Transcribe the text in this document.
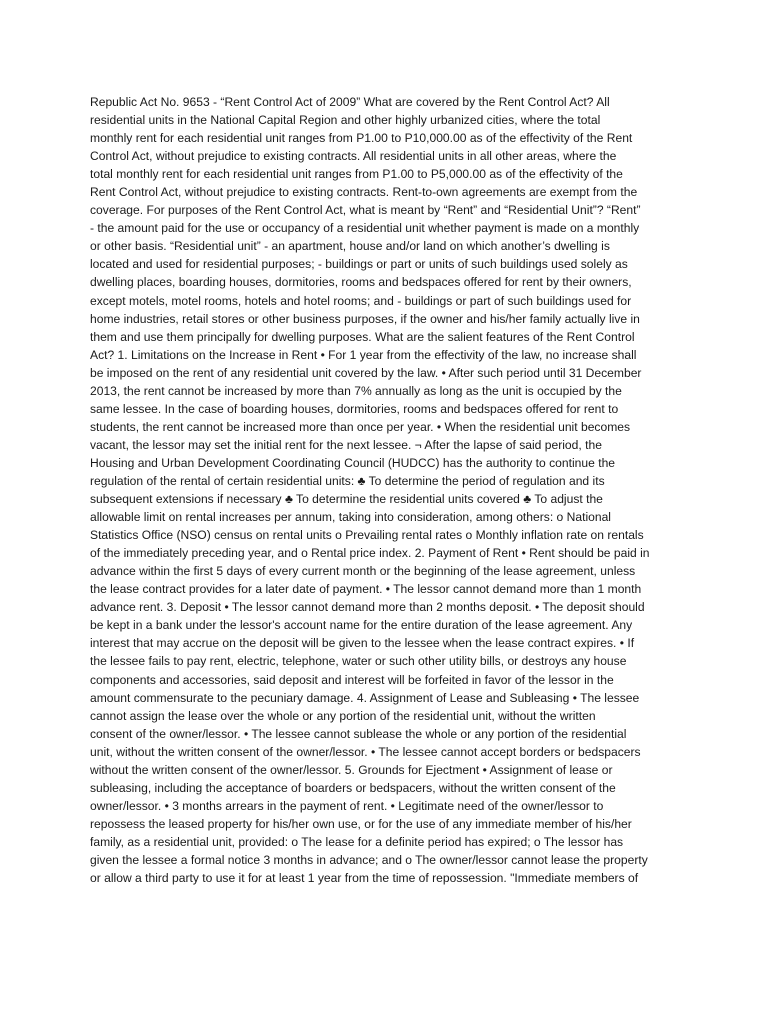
Republic Act No. 9653 - “Rent Control Act of 2009” What are covered by the Rent Control Act? All
residential units in the National Capital Region and other highly urbanized cities, where the total
monthly rent for each residential unit ranges from P1.00 to P10,000.00 as of the effectivity of the Rent
Control Act, without prejudice to existing contracts. All residential units in all other areas, where the
total monthly rent for each residential unit ranges from P1.00 to P5,000.00 as of the effectivity of the
Rent Control Act, without prejudice to existing contracts. Rent-to-own agreements are exempt from the
coverage. For purposes of the Rent Control Act, what is meant by “Rent” and “Residential Unit”? “Rent”
- the amount paid for the use or occupancy of a residential unit whether payment is made on a monthly
or other basis. “Residential unit” - an apartment, house and/or land on which another’s dwelling is
located and used for residential purposes; - buildings or part or units of such buildings used solely as
dwelling places, boarding houses, dormitories, rooms and bedspaces offered for rent by their owners,
except motels, motel rooms, hotels and hotel rooms; and - buildings or part of such buildings used for
home industries, retail stores or other business purposes, if the owner and his/her family actually live in
them and use them principally for dwelling purposes. What are the salient features of the Rent Control
Act? 1. Limitations on the Increase in Rent • For 1 year from the effectivity of the law, no increase shall
be imposed on the rent of any residential unit covered by the law. • After such period until 31 December
2013, the rent cannot be increased by more than 7% annually as long as the unit is occupied by the
same lessee. In the case of boarding houses, dormitories, rooms and bedspaces offered for rent to
students, the rent cannot be increased more than once per year. • When the residential unit becomes
vacant, the lessor may set the initial rent for the next lessee. ¬ After the lapse of said period, the
Housing and Urban Development Coordinating Council (HUDCC) has the authority to continue the
regulation of the rental of certain residential units: ♣ To determine the period of regulation and its
subsequent extensions if necessary ♣ To determine the residential units covered ♣ To adjust the
allowable limit on rental increases per annum, taking into consideration, among others: o National
Statistics Office (NSO) census on rental units o Prevailing rental rates o Monthly inflation rate on rentals
of the immediately preceding year, and o Rental price index. 2. Payment of Rent • Rent should be paid in
advance within the first 5 days of every current month or the beginning of the lease agreement, unless
the lease contract provides for a later date of payment. • The lessor cannot demand more than 1 month
advance rent. 3. Deposit • The lessor cannot demand more than 2 months deposit. • The deposit should
be kept in a bank under the lessor's account name for the entire duration of the lease agreement. Any
interest that may accrue on the deposit will be given to the lessee when the lease contract expires. • If
the lessee fails to pay rent, electric, telephone, water or such other utility bills, or destroys any house
components and accessories, said deposit and interest will be forfeited in favor of the lessor in the
amount commensurate to the pecuniary damage. 4. Assignment of Lease and Subleasing • The lessee
cannot assign the lease over the whole or any portion of the residential unit, without the written
consent of the owner/lessor. • The lessee cannot sublease the whole or any portion of the residential
unit, without the written consent of the owner/lessor. • The lessee cannot accept borders or bedspacers
without the written consent of the owner/lessor. 5. Grounds for Ejectment • Assignment of lease or
subleasing, including the acceptance of boarders or bedspacers, without the written consent of the
owner/lessor. • 3 months arrears in the payment of rent. • Legitimate need of the owner/lessor to
repossess the leased property for his/her own use, or for the use of any immediate member of his/her
family, as a residential unit, provided: o The lease for a definite period has expired; o The lessor has
given the lessee a formal notice 3 months in advance; and o The owner/lessor cannot lease the property
or allow a third party to use it for at least 1 year from the time of repossession. "Immediate members of
